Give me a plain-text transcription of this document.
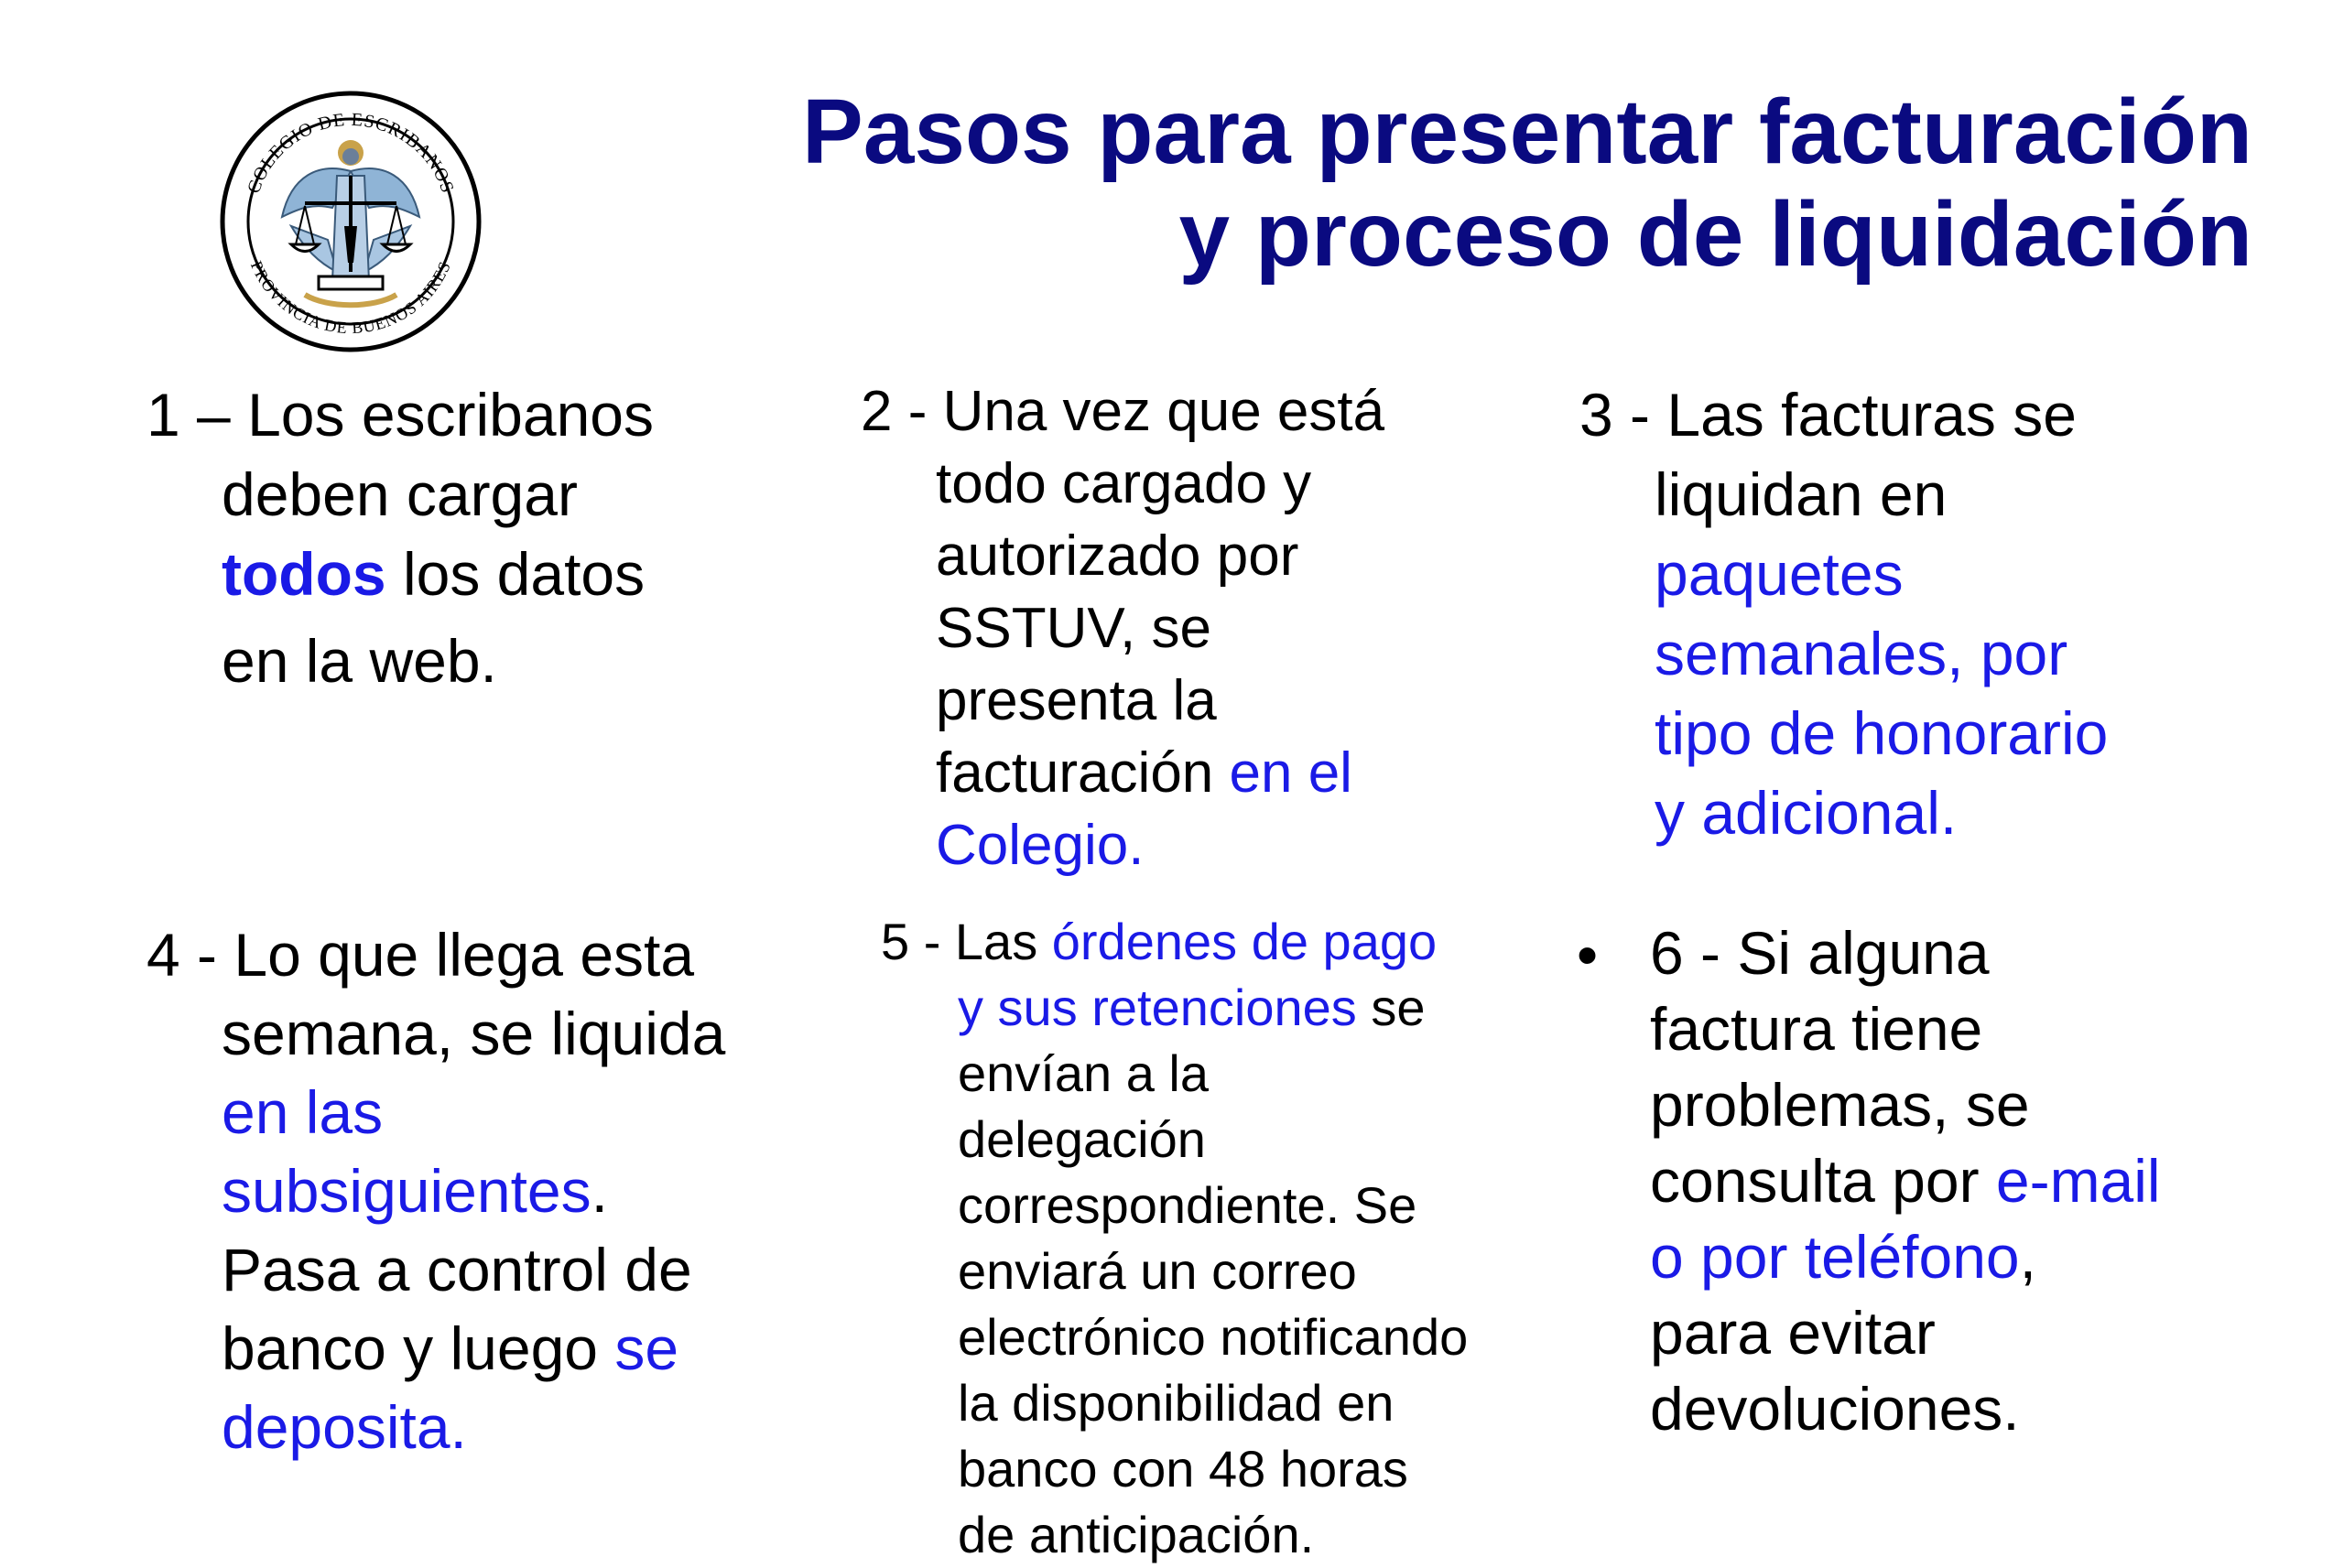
COLEGIO DE ESCRIBANOS
PROVINCIA DE BUENOS AIRES
Pasos para presentar facturación
y proceso de liquidación
1 – Los escribanos
deben cargar
todos los datos
en la web.
2 - Una vez que está
todo cargado y
autorizado por
SSTUV, se
presenta la
facturación en el
Colegio.
3 - Las facturas se
liquidan en
paquetes
semanales, por
tipo de honorario
y adicional.
4 - Lo que llega esta
semana, se liquida
en las
subsiguientes.
Pasa a control de
banco y luego se
deposita.
5 - Las órdenes de pago
y sus retenciones se
envían a la
delegación
correspondiente. Se
enviará un correo
electrónico notificando
la disponibilidad en
banco con 48 horas
de anticipación.
• 6 - Si alguna
factura tiene
problemas, se
consulta por e-mail
o por teléfono,
para evitar
devoluciones.
